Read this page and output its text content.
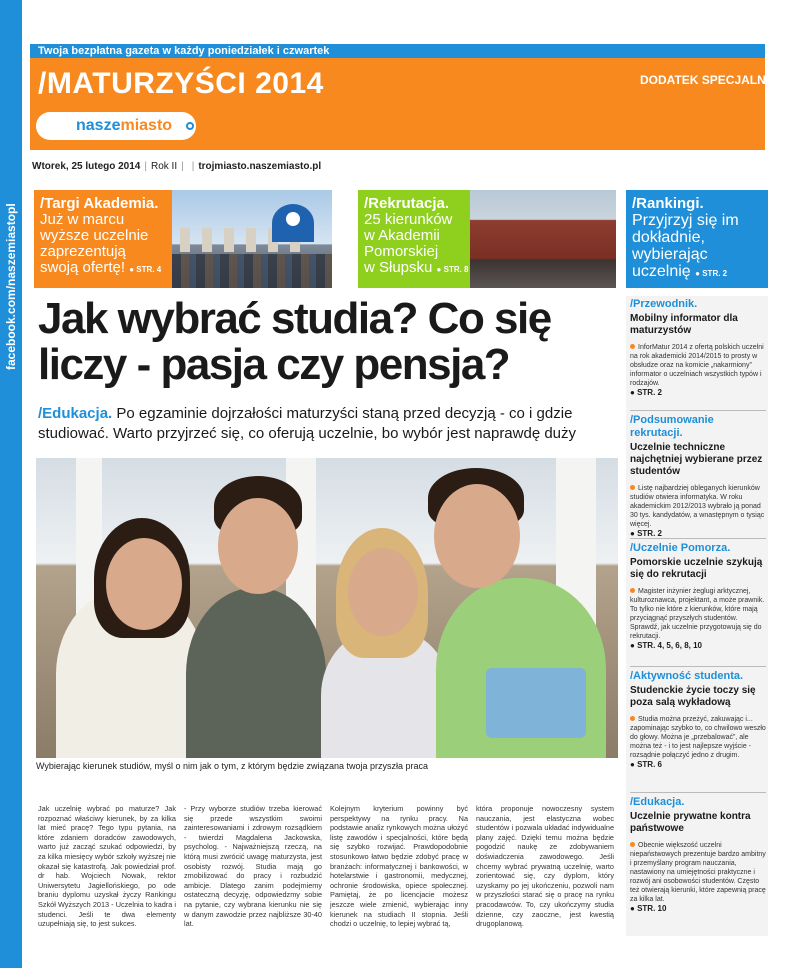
facebook.com/naszemiastopl
Twoja bezpłatna gazeta w każdy poniedziałek i czwartek
/MATURZYŚCI 2014	DODATEK SPECJALNY
naszemiasto
Wtorek, 25 lutego 2014 | Rok II | | trojmiasto.naszemiasto.pl
/Targi Akademia.
Już w marcu
wyższe uczelnie
zaprezentują
swoją ofertę! ● STR. 4
/Rekrutacja.
25 kierunków
w Akademii
Pomorskiej
w Słupsku ● STR. 8
/Rankingi.
Przyjrzyj się im
dokładnie,
wybierając
uczelnię ● STR. 2
Jak wybrać studia? Co się
liczy - pasja czy pensja?
/Edukacja. Po egzaminie dojrzałości maturzyści staną przed decyzją - co i gdzie studiować. Warto przyjrzeć się, co oferują uczelnie, bo wybór jest naprawdę duży
Wybierając kierunek studiów, myśl o nim jak o tym, z którym będzie związana twoja przyszła praca
Jak uczelnię wybrać po maturze? Jak rozpoznać właściwy kierunek, by za kilka lat mieć pracę? Tego typu pytania, na które zdaniem doradców zawodowych, warto już zacząć szukać odpowiedzi, by za kilka miesięcy wybór szkoły wyższej nie okazał się katastrofą. Jak powiedział prof. dr hab. Wojciech Nowak, rektor Uniwersytetu Jagiellońskiego, po ode braniu dyplomu uzyskał życzy Rankingu Szkół Wyższych 2013 - Uczelnia to kadra i studenci. Jeśli te dwa elementy uzupełniają się, to jest sukces.
- Przy wyborze studiów trzeba kierować się przede wszystkim swoimi zainteresowaniami i zdrowym rozsądkiem - twierdzi Magdalena Jackowska, psycholog. - Najważniejszą rzeczą, na którą musi zwrócić uwagę maturzysta, jest osobisty rozwój. Studia mają go zmobilizować do pracy i rozbudzić ambicje. Dlatego zanim podejmiemy ostateczną decyzję, odpowiedzmy sobie na pytanie, czy wybrana kierunku nie się w danym zawodzie przez najbliższe 30-40 lat.
Kolejnym kryterium powinny być perspektywy na rynku pracy. Na podstawie analiz rynkowych można ułożyć listę zawodów i specjalności, które będą się szybko rozwijać. Prawdopodobnie stosunkowo łatwo będzie zdobyć pracę w branżach: informatycznej i bankowości, w hotelarstwie i gastronomii, medycznej, ochronie środowiska, opiece społecznej. Pamiętaj, że po licencjacie możesz jeszcze wiele zmienić, wybierając inny kierunek na studiach II stopnia. Jeśli chodzi o uczelnię, to lepiej wybrać tą,
która proponuje nowoczesny system nauczania, jest elastyczna wobec studentów i pozwala układać indywidualne plany zajęć. Dzięki temu można będzie pogodzić naukę ze zdobywaniem doświadczenia zawodowego. Jeśli chcemy wybrać prywatną uczelnię, warto zorientować się, czy dyplom, który uzyskamy po jej ukończeniu, pozwoli nam w przyszłości starać się o pracę na rynku pracodawców. To, czy ukończymy studia dzienne, czy zaoczne, jest kwestią drugoplanową.
/Przewodnik.
Mobilny informator dla maturzystów
InforMatur 2014 z ofertą polskich uczelni na rok akademicki 2014/2015 to prosty w obsłudze oraz na komicie „nakarmiony” informator o uczelniach wszystkich typów i rodzajów.
● STR. 2
/Podsumowanie rekrutacji.
Uczelnie techniczne najchętniej wybierane przez studentów
Listę najbardziej obleganych kierunków studiów otwiera informatyka. W roku akademickim 2012/2013 wybrało ją ponad 30 tys. kandydatów, a wnastępnym o tysiąc więcej.
● STR. 2
/Uczelnie Pomorza.
Pomorskie uczelnie szykują się do rekrutacji
Magister inżynier żeglugi arktycznej, kulturoznawca, projektant, a może prawnik. To tylko nie które z kierunków, które mają przyciągnąć przyszłych studentów. Sprawdź, jak uczelnie przygotowują się do rekrutacji.
● STR. 4, 5, 6, 8, 10
/Aktywność studenta.
Studenckie życie toczy się poza salą wykładową
Studia można przeżyć, zakuwając i... zapominając szybko to, co chwilowo weszło do głowy. Można je „przebalować”, ale można też - i to jest najlepsze wyjście - rozsądnie połączyć jedno z drugim.
● STR. 6
/Edukacja.
Uczelnie prywatne kontra państwowe
Obecnie większość uczelni niepaństwowych prezentuje bardzo ambitny i przemyślany program nauczania, nastawiony na umiejętności praktyczne i rozwój ani osobowości studentów. Często też otwierają kierunki, które zapewnią pracę za kilka lat.
● STR. 10
